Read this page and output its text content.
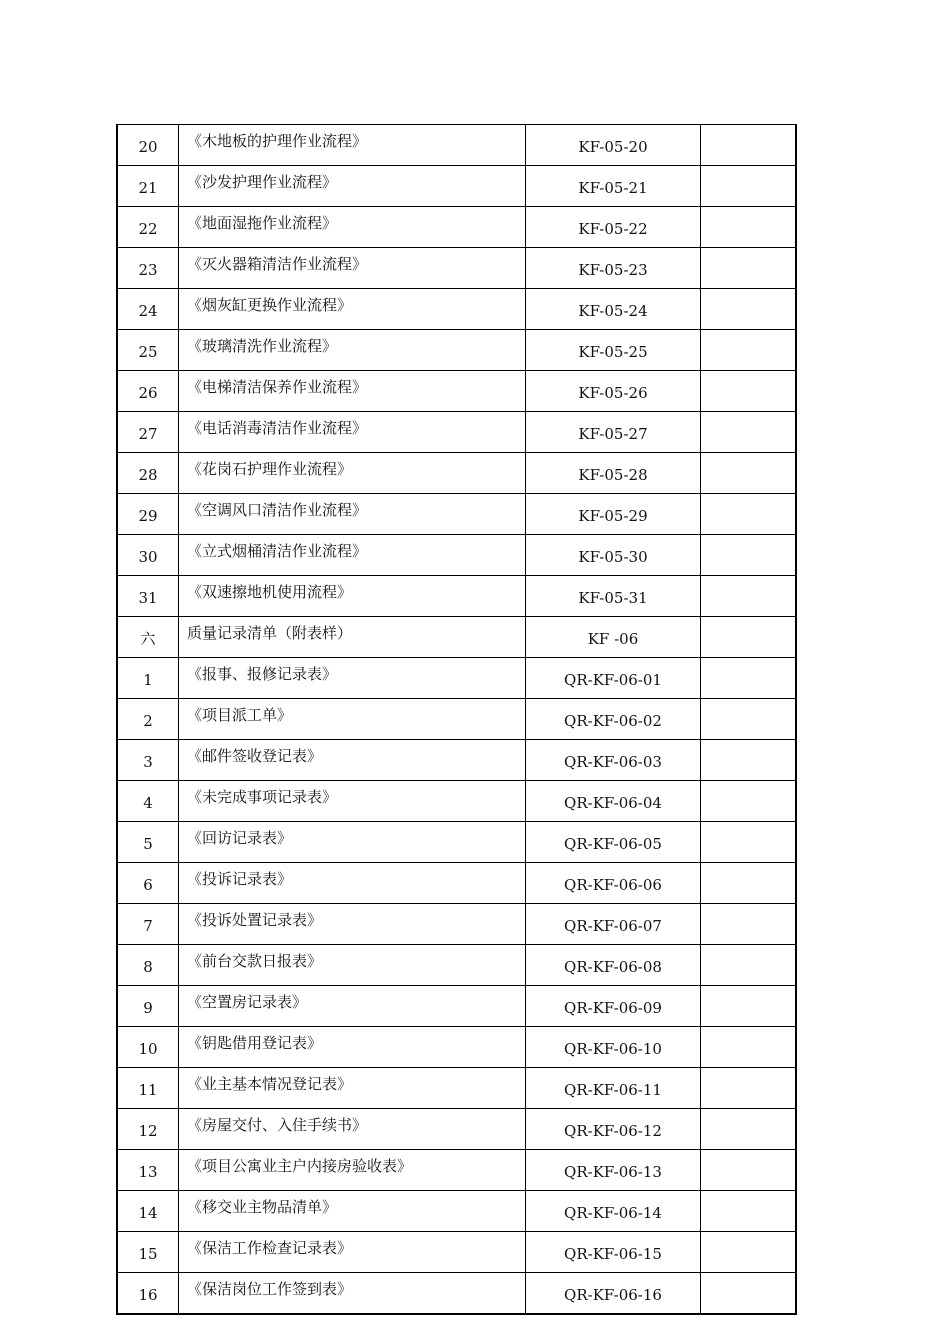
20	《木地板的护理作业流程》	KF-05-20	
21	《沙发护理作业流程》	KF-05-21	
22	《地面湿拖作业流程》	KF-05-22	
23	《灭火器箱清洁作业流程》	KF-05-23	
24	《烟灰缸更换作业流程》	KF-05-24	
25	《玻璃清洗作业流程》	KF-05-25	
26	《电梯清洁保养作业流程》	KF-05-26	
27	《电话消毒清洁作业流程》	KF-05-27	
28	《花岗石护理作业流程》	KF-05-28	
29	《空调风口清洁作业流程》	KF-05-29	
30	《立式烟桶清洁作业流程》	KF-05-30	
31	《双速擦地机使用流程》	KF-05-31	
六	质量记录清单（附表样）	KF -06	
1	《报事、报修记录表》	QR-KF-06-01	
2	《项目派工单》	QR-KF-06-02	
3	《邮件签收登记表》	QR-KF-06-03	
4	《未完成事项记录表》	QR-KF-06-04	
5	《回访记录表》	QR-KF-06-05	
6	《投诉记录表》	QR-KF-06-06	
7	《投诉处置记录表》	QR-KF-06-07	
8	《前台交款日报表》	QR-KF-06-08	
9	《空置房记录表》	QR-KF-06-09	
10	《钥匙借用登记表》	QR-KF-06-10	
11	《业主基本情况登记表》	QR-KF-06-11	
12	《房屋交付、入住手续书》	QR-KF-06-12	
13	《项目公寓业主户内接房验收表》	QR-KF-06-13	
14	《移交业主物品清单》	QR-KF-06-14	
15	《保洁工作检查记录表》	QR-KF-06-15	
16	《保洁岗位工作签到表》	QR-KF-06-16	
